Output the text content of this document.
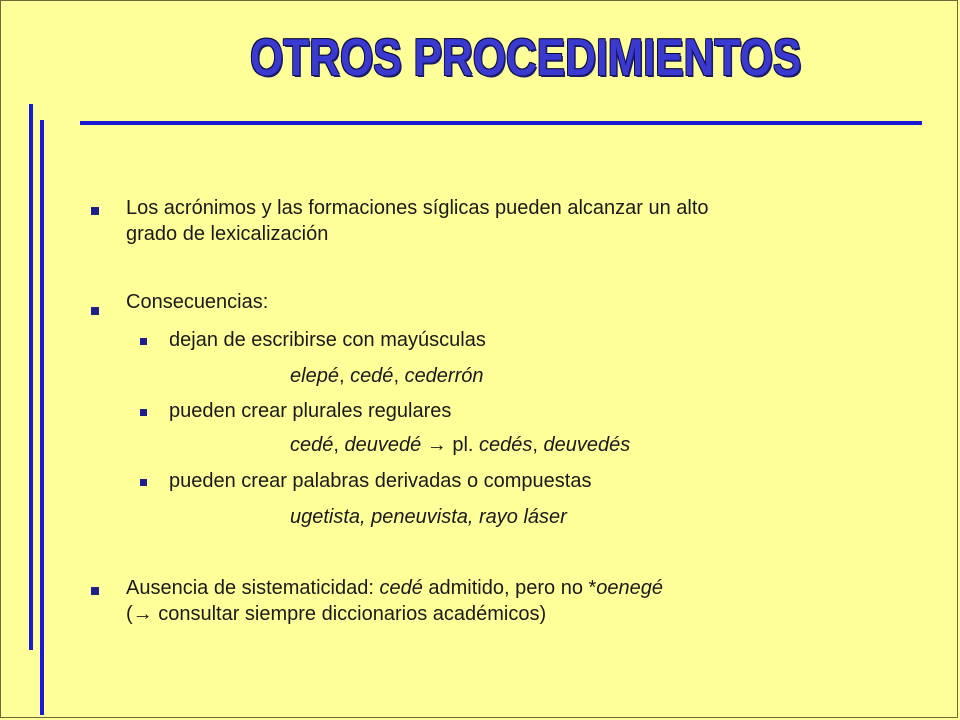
OTROS PROCEDIMIENTOS

Los acrónimos y las formaciones síglicas pueden alcanzar un alto

grado de lexicalización

Consecuencias:

dejan de escribirse con mayúsculas

elepé, cedé, cederrón

pueden crear plurales regulares

cedé, deuvedé → pl. cedés, deuvedés

pueden crear palabras derivadas o compuestas

ugetista, peneuvista, rayo láser

Ausencia de sistematicidad: cedé admitido, pero no *oenegé

(→ consultar siempre diccionarios académicos)
